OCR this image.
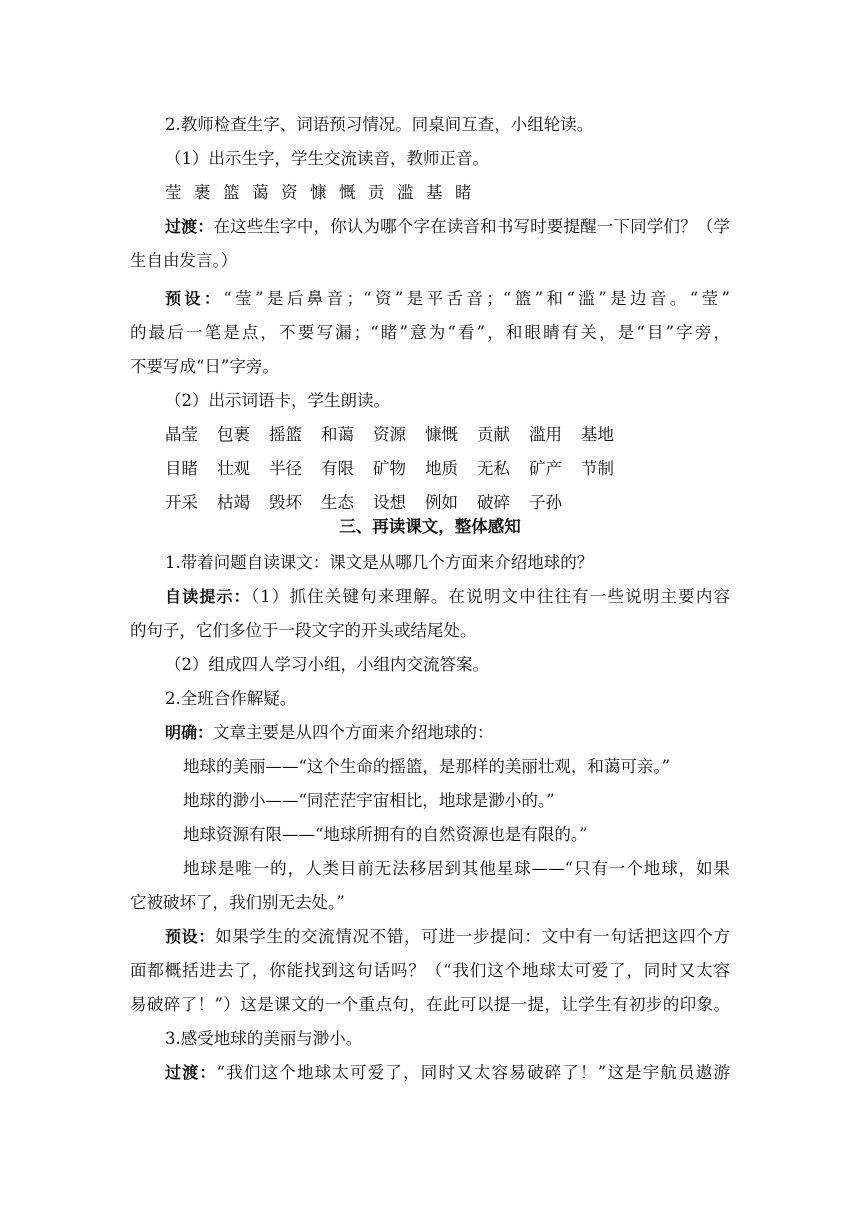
2.教师检查生字、词语预习情况。同桌间互查，小组轮读。
（1）出示生字，学生交流读音，教师正音。
莹 裹 篮 蔼 资 慷 慨 贡 滥 基 睹
过渡：在这些生字中，你认为哪个字在读音和书写时要提醒一下同学们？（学
生自由发言。）
预设：“莹”是后鼻音；“资”是平舌音；“篮”和“滥”是边音。“莹”
的最后一笔是点，不要写漏；“睹”意为“看”，和眼睛有关，是“目”字旁，
不要写成“日”字旁。
（2）出示词语卡，学生朗读。
晶莹 包裹 摇篮 和蔼 资源 慷慨 贡献 滥用 基地
目睹 壮观 半径 有限 矿物 地质 无私 矿产 节制
开采 枯竭 毁坏 生态 设想 例如 破碎 子孙
三、再读课文，整体感知
1.带着问题自读课文：课文是从哪几个方面来介绍地球的？
自读提示：（1）抓住关键句来理解。在说明文中往往有一些说明主要内容
的句子，它们多位于一段文字的开头或结尾处。
（2）组成四人学习小组，小组内交流答案。
2.全班合作解疑。
明确：文章主要是从四个方面来介绍地球的：
地球的美丽——“这个生命的摇篮，是那样的美丽壮观，和蔼可亲。”
地球的渺小——“同茫茫宇宙相比，地球是渺小的。”
地球资源有限——“地球所拥有的自然资源也是有限的。”
地球是唯一的，人类目前无法移居到其他星球——“只有一个地球，如果
它被破坏了，我们别无去处。”
预设：如果学生的交流情况不错，可进一步提问：文中有一句话把这四个方
面都概括进去了，你能找到这句话吗？（“我们这个地球太可爱了，同时又太容
易破碎了！”）这是课文的一个重点句，在此可以提一提，让学生有初步的印象。
3.感受地球的美丽与渺小。
过渡：“我们这个地球太可爱了，同时又太容易破碎了！”这是宇航员遨游
